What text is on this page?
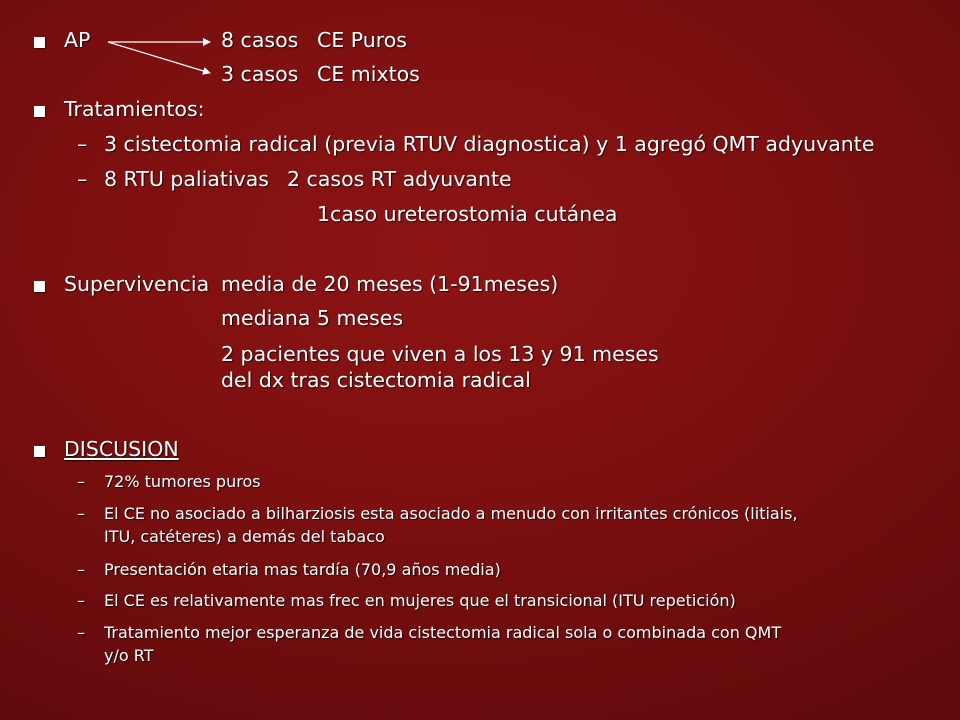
AP	8 casos CE Puros
3 casos CE mixtos
Tratamientos:
– 3 cistectomia radical (previa RTUV diagnostica) y 1 agregó QMT adyuvante
– 8 RTU paliativas 2 casos RT adyuvante
1caso ureterostomia cutánea
Supervivencia media de 20 meses (1-91meses)
mediana 5 meses
2 pacientes que viven a los 13 y 91 meses
del dx tras cistectomia radical
DISCUSION
– 72% tumores puros
– El CE no asociado a bilharziosis esta asociado a menudo con irritantes crónicos (litiais,
ITU, catéteres) a demás del tabaco
– Presentación etaria mas tardía (70,9 años media)
– El CE es relativamente mas frec en mujeres que el transicional (ITU repetición)
– Tratamiento mejor esperanza de vida cistectomia radical sola o combinada con QMT
y/o RT
